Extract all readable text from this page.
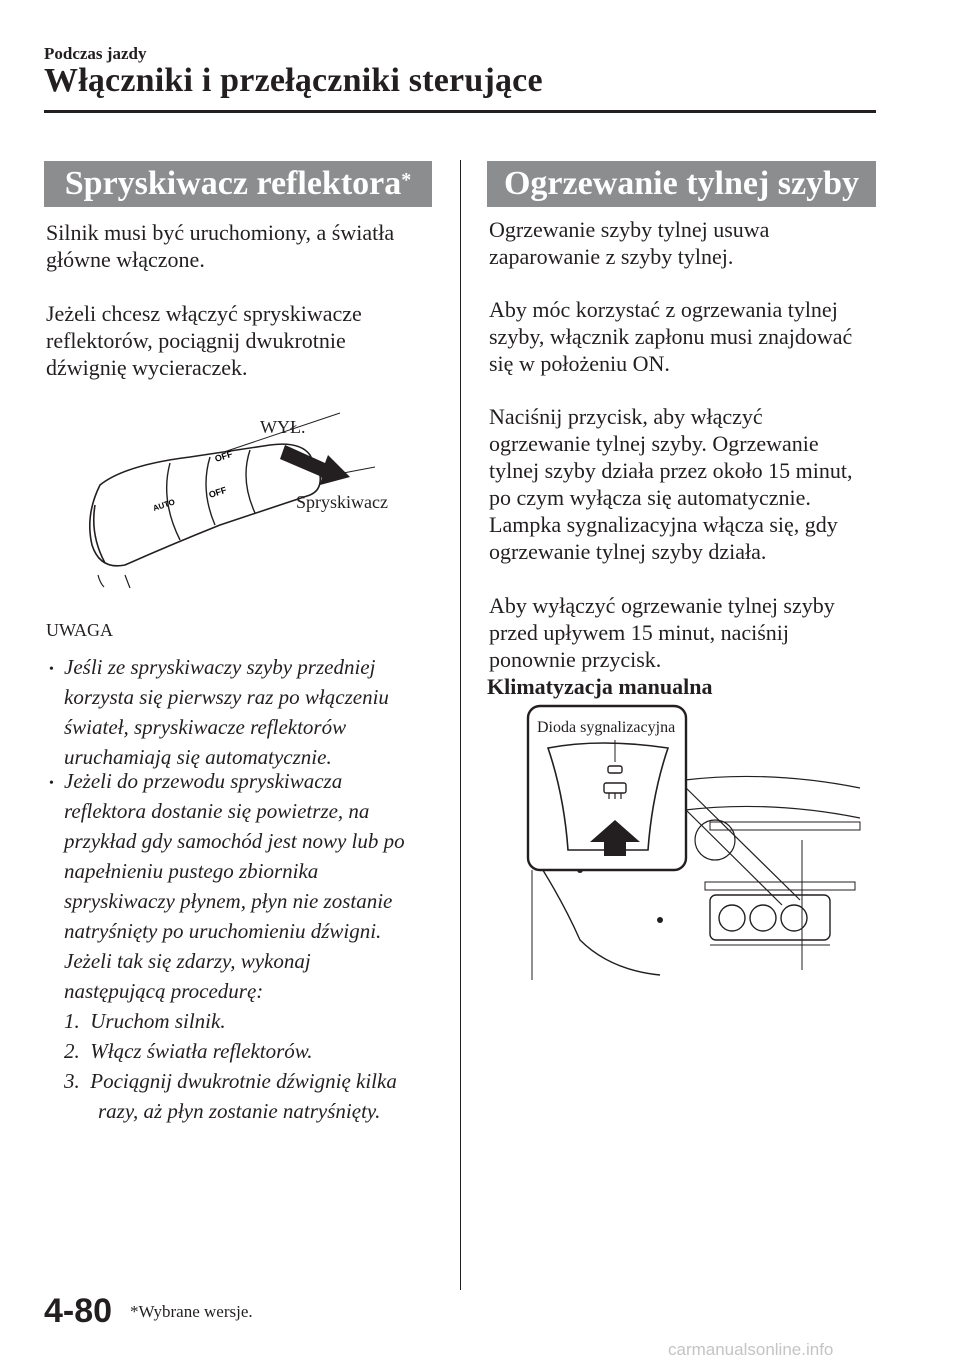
Podczas jazdy
Włączniki i przełączniki sterujące
Spryskiwacz reflektora*
Silnik musi być uruchomiony, a światła
główne włączone.
Jeżeli chcesz włączyć spryskiwacze
reflektorów, pociągnij dwukrotnie
dźwignię wycieraczek.
OFF
AUTO
OFF
WYŁ.
Spryskiwacz
UWAGA
• Jeśli ze spryskiwaczy szyby przedniej
korzysta się pierwszy raz po włączeniu
świateł, spryskiwacze reflektorów
uruchamiają się automatycznie.
• Jeżeli do przewodu spryskiwacza
reflektora dostanie się powietrze, na
przykład gdy samochód jest nowy lub po
napełnieniu pustego zbiornika
spryskiwaczy płynem, płyn nie zostanie
natryśnięty po uruchomieniu dźwigni.
Jeżeli tak się zdarzy, wykonaj
następującą procedurę:
1. Uruchom silnik.
2. Włącz światła reflektorów.
3. Pociągnij dwukrotnie dźwignię kilka
razy, aż płyn zostanie natryśnięty.
Ogrzewanie tylnej szyby
Ogrzewanie szyby tylnej usuwa
zaparowanie z szyby tylnej.
Aby móc korzystać z ogrzewania tylnej
szyby, włącznik zapłonu musi znajdować
się w położeniu ON.
Naciśnij przycisk, aby włączyć
ogrzewanie tylnej szyby. Ogrzewanie
tylnej szyby działa przez około 15 minut,
po czym wyłącza się automatycznie.
Lampka sygnalizacyjna włącza się, gdy
ogrzewanie tylnej szyby działa.
Aby wyłączyć ogrzewanie tylnej szyby
przed upływem 15 minut, naciśnij
ponownie przycisk.
Klimatyzacja manualna
Dioda sygnalizacyjna
4-80 *Wybrane wersje.
carmanualsonline.info
